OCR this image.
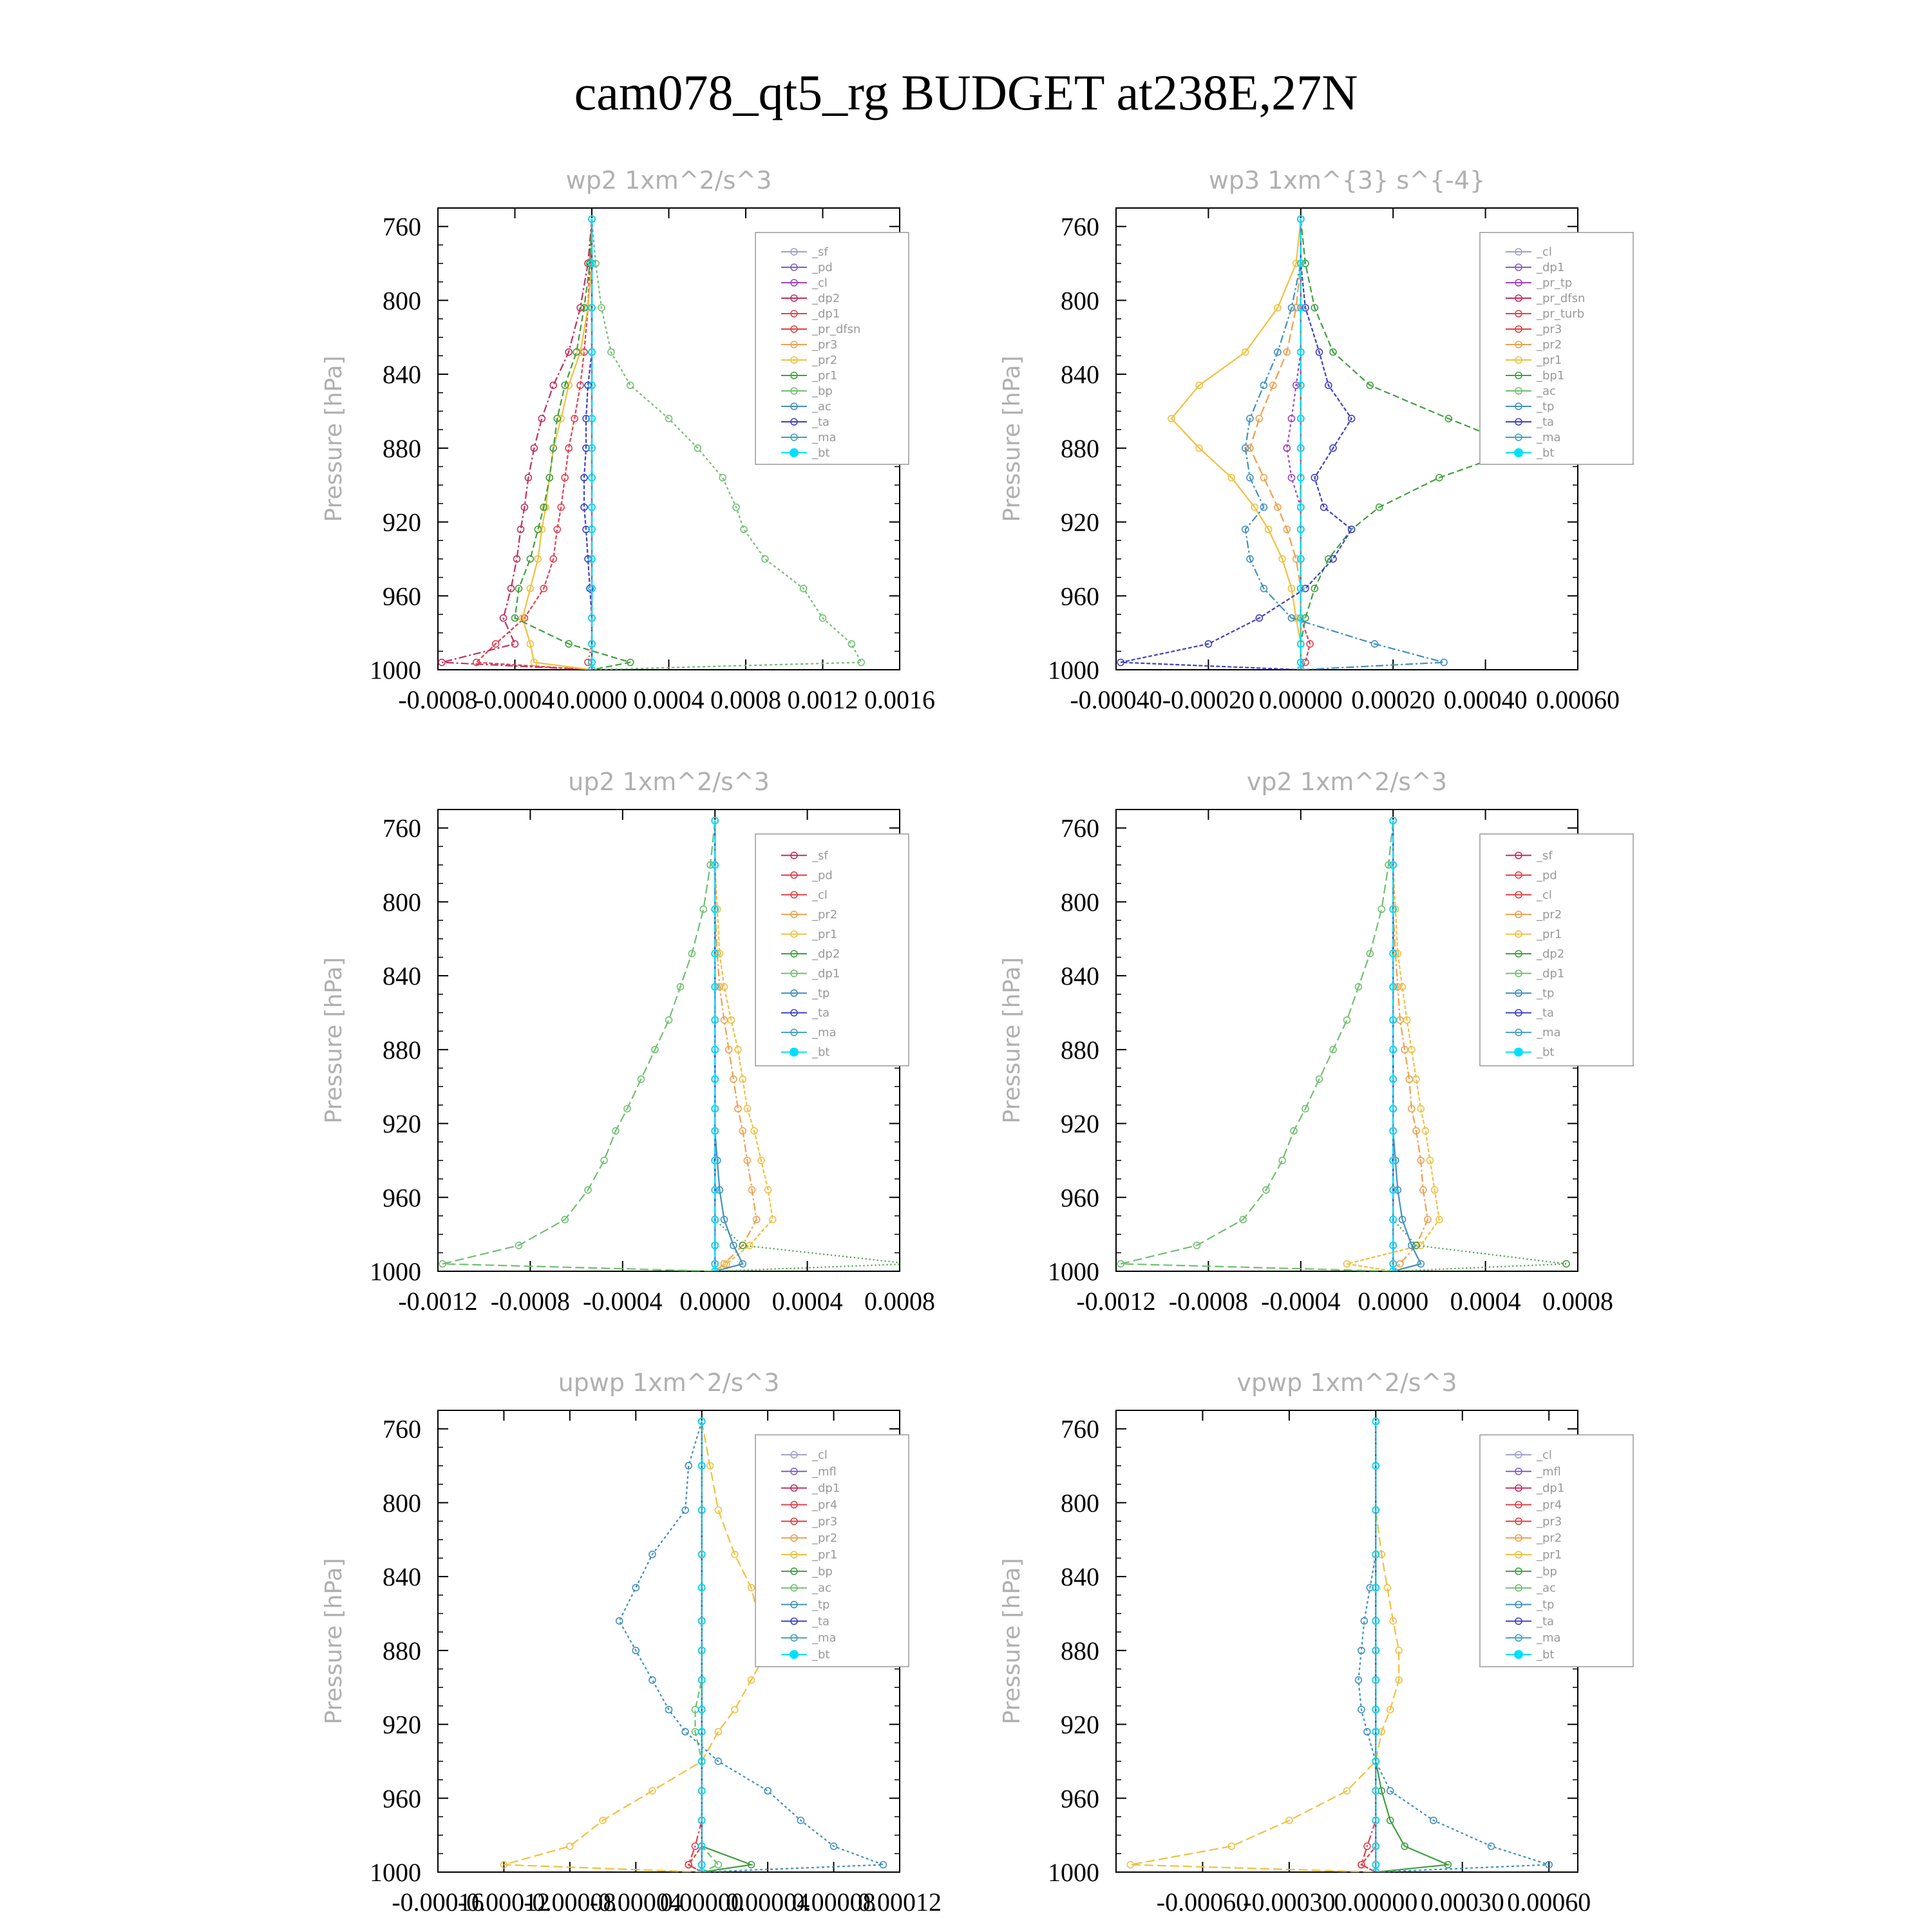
cam078_qt5_rg BUDGET at238E,27N
wp2 1xm^2/s^3
Pressure [hPa]
760
800
840
880
920
960
1000
-0.0008
-0.0004 0.0000 0.0004 0.0008 0.0012 0.0016
_sf
_pd
_cl
_dp2
_dp1
_pr_dfsn
_pr3
_pr2
_pr1
_bp
_ac
_ta
_ma
_bt
wp3 1xm^{3} s^{-4}
Pressure [hPa]
760
800
840
880
920
960
1000
-0.00040 -0.00020 0.00000 0.00020 0.00040 0.00060
_cl
_dp1
_pr_tp
_pr_dfsn
_pr_turb
_pr3
_pr2
_pr1
_bp1
_ac
_tp
_ta
_ma
_bt
up2 1xm^2/s^3
Pressure [hPa]
760
800
840
880
920
960
1000
-0.0012 -0.0008 -0.0004 0.0000 0.0004 0.0008
_sf
_pd
_cl
_pr2
_pr1
_dp2
_dp1
_tp
_ta
_ma
_bt
vp2 1xm^2/s^3
Pressure [hPa]
760
800
840
880
920
960
1000
-0.0012 -0.0008 -0.0004 0.0000 0.0004 0.0008
_sf
_pd
_cl
_pr2
_pr1
_dp2
_dp1
_tp
_ta
_ma
_bt
upwp 1xm^2/s^3
Pressure [hPa]
760
800
840
880
920
960
1000
-0.00016
-0.00012
-0.00008
-0.00004
0.00000
0.00004
0.00008
0.00012
_cl
_mfl
_dp1
_pr4
_pr3
_pr2
_pr1
_bp
_ac
_tp
_ta
_ma
_bt
vpwp 1xm^2/s^3
Pressure [hPa]
760
800
840
880
920
960
1000
-0.00060
-0.00030
0.00000 0.00030 0.00060
_cl
_mfl
_dp1
_pr4
_pr3
_pr2
_pr1
_bp
_ac
_tp
_ta
_ma
_bt
